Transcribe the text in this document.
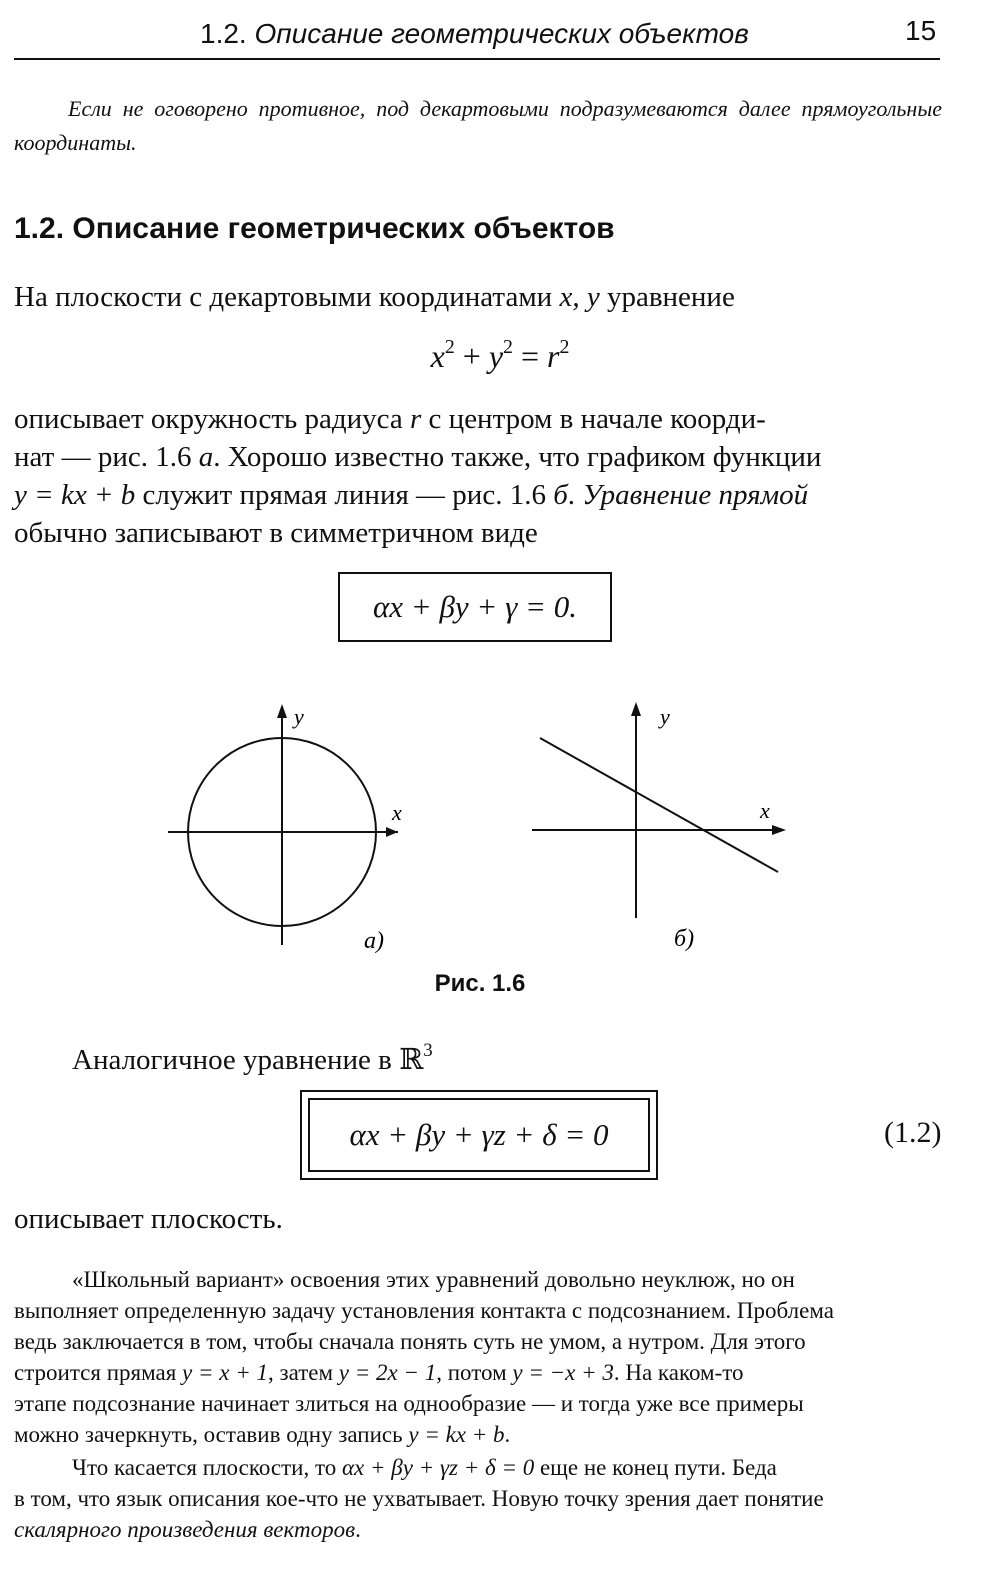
1.2. Описание геометрических объектов	15
Если не оговорено противное, под декартовыми подразумеваются далее прямоугольные координаты.
1.2. Описание геометрических объектов
На плоскости с декартовыми координатами x, y уравнение
$x^2 + y^2 = r^2$
описывает окружность радиуса r с центром в начале коорди-
нат — рис. 1.6 а. Хорошо известно также, что графиком функции
y = kx + b служит прямая линия — рис. 1.6 б. Уравнение прямой
обычно записывают в симметричном виде
αx + βy + γ = 0.
y
x
а)
y
x
б)
Рис. 1.6
Аналогичное уравнение в ℝ$^3$
αx + βy + γz + δ = 0	(1.2)
описывает плоскость.
«Школьный вариант» освоения этих уравнений довольно неуклюж, но он
выполняет определенную задачу установления контакта с подсознанием. Проблема
ведь заключается в том, чтобы сначала понять суть не умом, а нутром. Для этого
строится прямая y = x + 1, затем y = 2x − 1, потом y = −x + 3. На каком-то
этапе подсознание начинает злиться на однообразие — и тогда уже все примеры
можно зачеркнуть, оставив одну запись y = kx + b.
Что касается плоскости, то αx + βy + γz + δ = 0 еще не конец пути. Беда
в том, что язык описания кое-что не ухватывает. Новую точку зрения дает понятие
скалярного произведения векторов.
